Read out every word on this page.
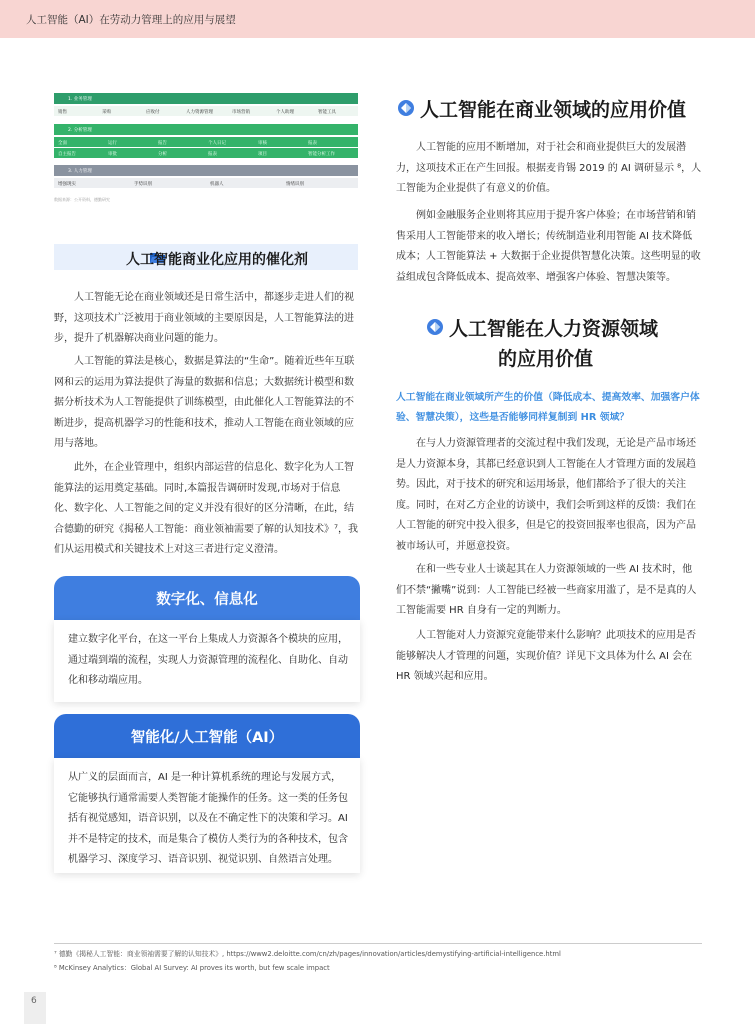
人工智能（AI）在劳动力管理上的应用与展望
1. 业务管理
销售	采购	应收付	人力资源管理	市场营销	个人助理	智能工具
2. 分析管理
全面	运行	报告	个人日记	审核	报表
自主报告	审批	分析	报表	项目	智能分析工作
3. 人力管理
增强现实	手势识别	机器人	情绪识别
数据来源：公开资料，德勤研究
人工智能商业化应用的催化剂
人工智能无论在商业领域还是日常生活中，都逐步走进人们的视野，这项技术广泛被用于商业领域的主要原因是，人工智能算法的进步，提升了机器解决商业问题的能力。
人工智能的算法是核心，数据是算法的“生命”。随着近些年互联网和云的运用为算法提供了海量的数据和信息；大数据统计模型和数据分析技术为人工智能提供了训练模型，由此催化人工智能算法的不断进步，提高机器学习的性能和技术，推动人工智能在商业领域的应用与落地。
此外，在企业管理中，组织内部运营的信息化、数字化为人工智能算法的运用奠定基础。同时,本篇报告调研时发现,市场对于信息化、数字化、人工智能之间的定义并没有很好的区分清晰，在此，结合德勤的研究《揭秘人工智能：商业领袖需要了解的认知技术》⁷，我们从运用模式和关键技术上对这三者进行定义澄清。
数字化、信息化
建立数字化平台，在这一平台上集成人力资源各个模块的应用，通过端到端的流程，实现人力资源管理的流程化、自助化、自动化和移动端应用。
智能化/人工智能（AI）
从广义的层面而言，AI 是一种计算机系统的理论与发展方式，它能够执行通常需要人类智能才能操作的任务。这一类的任务包括有视觉感知，语音识别，以及在不确定性下的决策和学习。AI 并不是特定的技术，而是集合了模仿人类行为的各种技术，包含机器学习、深度学习、语音识别、视觉识别、自然语言处理。
人工智能在商业领域的应用价值
人工智能的应用不断增加，对于社会和商业提供巨大的发展潜力，这项技术正在产生回报。根据麦肯锡 2019 的 AI 调研显示 ⁸，人工智能为企业提供了有意义的价值。
例如金融服务企业则将其应用于提升客户体验；在市场营销和销售采用人工智能带来的收入增长；传统制造业利用智能 AI 技术降低成本；人工智能算法 + 大数据于企业提供智慧化决策。这些明显的收益组成包含降低成本、提高效率、增强客户体验、智慧决策等。
人工智能在人力资源领域
的应用价值
人工智能在商业领域所产生的价值（降低成本、提高效率、加强客户体验、智慧决策），这些是否能够同样复制到 HR 领域？
在与人力资源管理者的交流过程中我们发现，无论是产品市场还是人力资源本身，其都已经意识到人工智能在人才管理方面的发展趋势。因此，对于技术的研究和运用场景，他们都给予了很大的关注度。同时，在对乙方企业的访谈中，我们会听到这样的反馈：我们在人工智能的研究中投入很多，但是它的投资回报率也很高，因为产品被市场认可，并愿意投资。
在和一些专业人士谈起其在人力资源领域的一些 AI 技术时，他们不禁“撇嘴”说到：人工智能已经被一些商家用滥了，是不是真的人工智能需要 HR 自身有一定的判断力。
人工智能对人力资源究竟能带来什么影响？此项技术的应用是否能够解决人才管理的问题，实现价值？详见下文具体为什么 AI 会在 HR 领域兴起和应用。
⁷ 德勤《揭秘人工智能：商业领袖需要了解的认知技术》, https://www2.deloitte.com/cn/zh/pages/innovation/articles/demystifying-artificial-intelligence.html
⁸ McKinsey Analytics：Global AI Survey: AI proves its worth, but few scale impact
6
